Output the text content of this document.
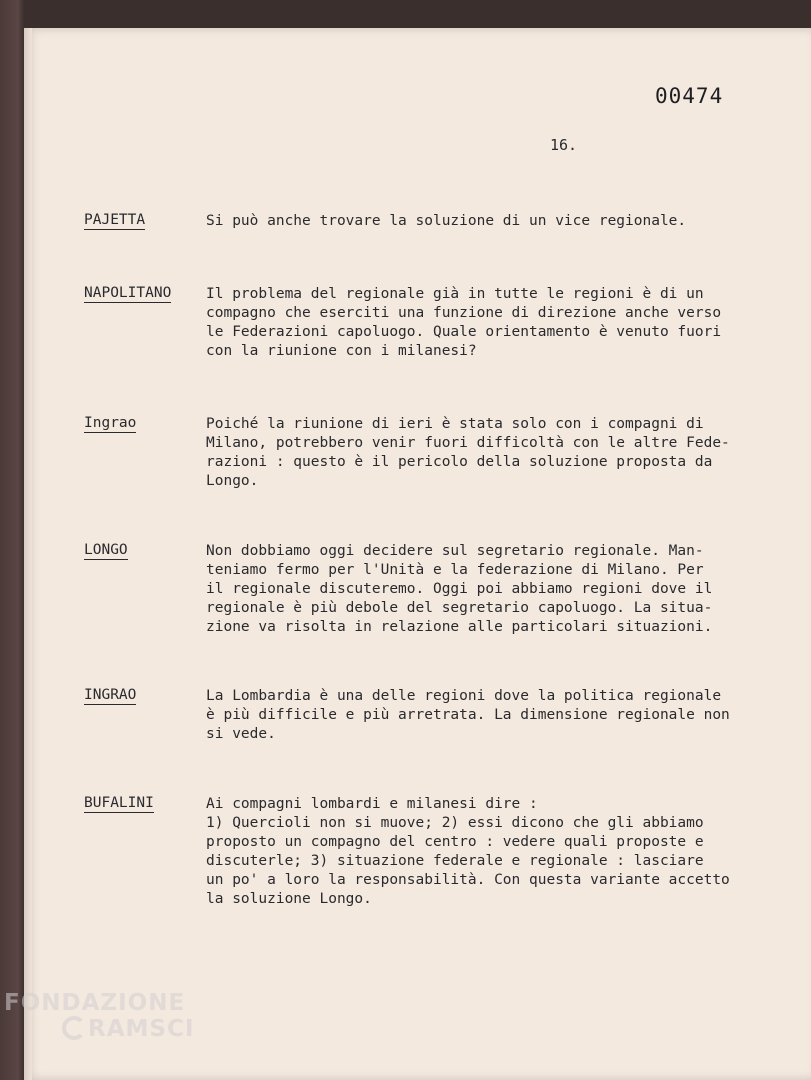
00474
16.
PAJETTA	Si può anche trovare la soluzione di un vice regionale.
NAPOLITANO Il problema del regionale già in tutte le regioni è di un
compagno che eserciti una funzione di direzione anche verso
le Federazioni capoluogo. Quale orientamento è venuto fuori
con la riunione con i milanesi?
Ingrao	Poiché la riunione di ieri è stata solo con i compagni di
Milano, potrebbero venir fuori difficoltà con le altre Fede-
razioni : questo è il pericolo della soluzione proposta da
Longo.
LONGO	Non dobbiamo oggi decidere sul segretario regionale. Man-
teniamo fermo per l'Unità e la federazione di Milano. Per
il regionale discuteremo. Oggi poi abbiamo regioni dove il
regionale è più debole del segretario capoluogo. La situa-
zione va risolta in relazione alle particolari situazioni.
INGRAO	La Lombardia è una delle regioni dove la politica regionale
è più difficile e più arretrata. La dimensione regionale non
si vede.
BUFALINI	Ai compagni lombardi e milanesi dire :
1) Quercioli non si muove; 2) essi dicono che gli abbiamo
proposto un compagno del centro : vedere quali proposte e
discuterle; 3) situazione federale e regionale : lasciare
un po' a loro la responsabilità. Con questa variante accetto
la soluzione Longo.
FONDAZIONE
RAMSCI
